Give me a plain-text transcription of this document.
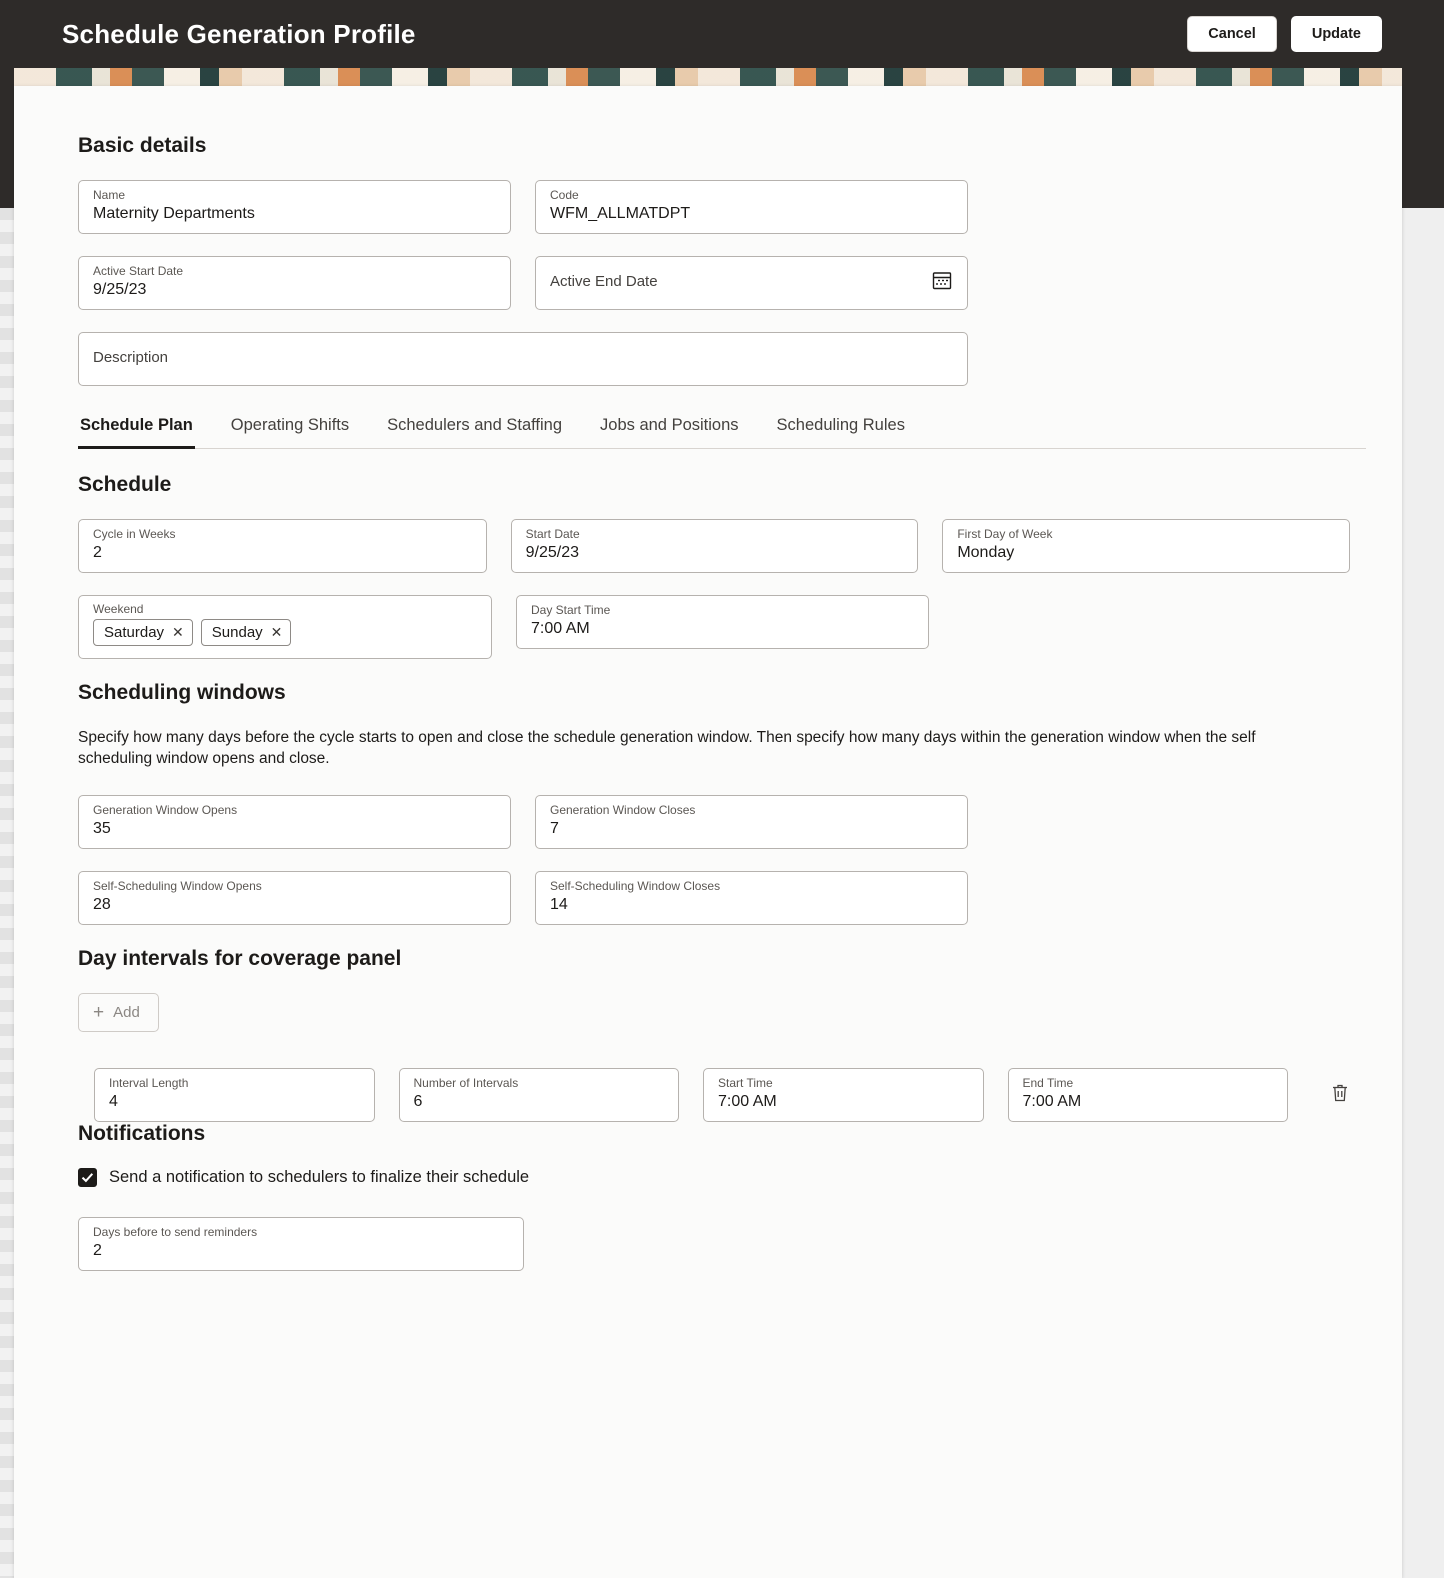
Schedule Generation Profile	Cancel	Update
Basic details
Name
Maternity Departments
Code
WFM_ALLMATDPT
Active Start Date
9/25/23	Active End Date
Description
Schedule Plan Operating Shifts Schedulers and Staffing Jobs and Positions Scheduling Rules
Schedule
Cycle in Weeks
2
Start Date
9/25/23
First Day of Week
Monday
Weekend
Saturday ✕ Sunday ✕
Day Start Time
7:00 AM
Scheduling windows

Specify how many days before the cycle starts to open and close the schedule generation window. Then specify how many days within the generation window when the self scheduling window opens and close.

Generation Window Opens
35
Generation Window Closes
7
Self-Scheduling Window Opens
28
Self-Scheduling Window Closes
14
Day intervals for coverage panel
+ Add
Interval Length
4
Number of Intervals
6
Start Time
7:00 AM
End Time
7:00 AM
Notifications
Send a notification to schedulers to finalize their schedule
Days before to send reminders
2
